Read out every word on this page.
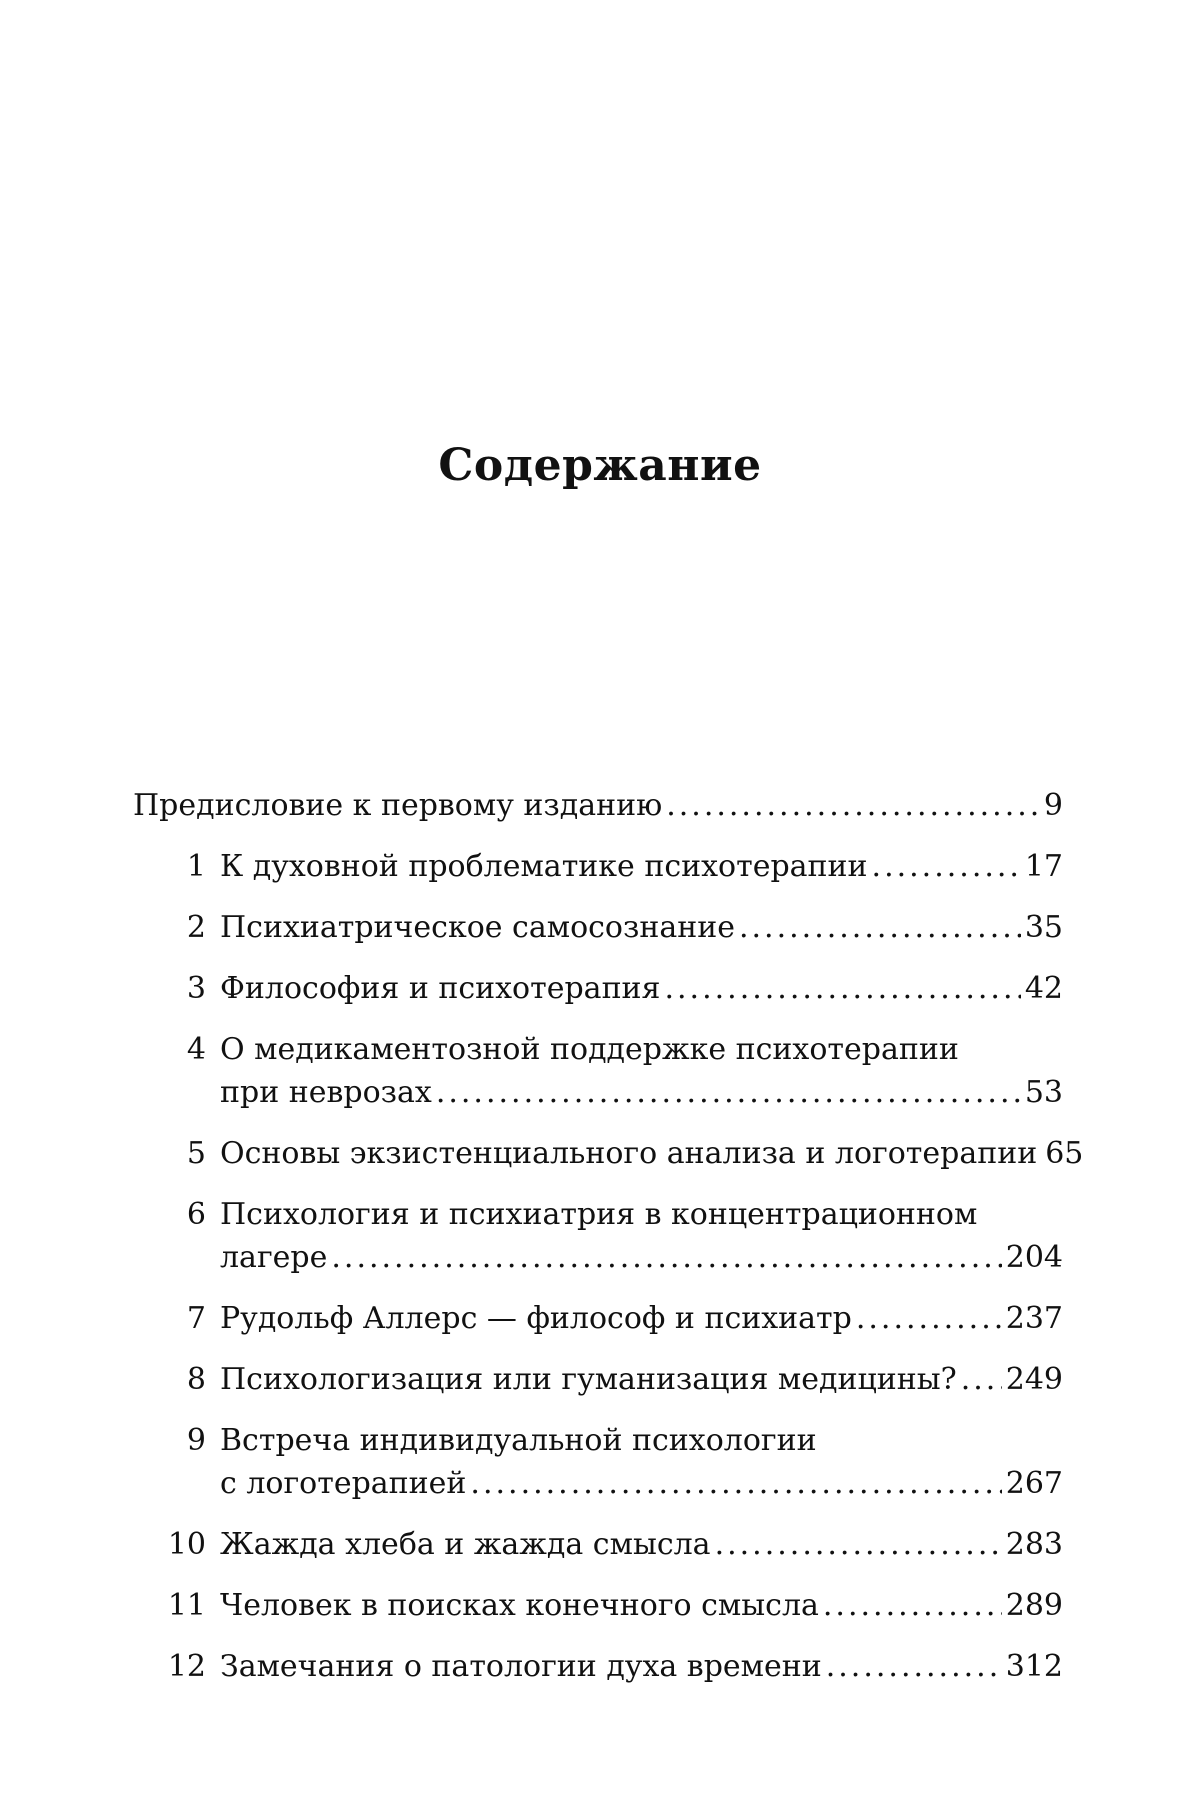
Содержание
Предисловие к первому изданию .....	9
1 К духовной проблематике психотерапии .....	17
2 Психиатрическое самосознание .....	35
3 Философия и психотерапия .....	42
4 О медикаментозной поддержке психотерапии
при неврозах .....	53
5 Основы экзистенциального анализа и логотерапии 65
6 Психология и психиатрия в концентрационном
лагере .....	204
7 Рудольф Аллерс — философ и психиатр .....	237
8 Психологизация или гуманизация медицины? ..... 249
9 Встреча индивидуальной психологии
с логотерапией .....	267
10 Жажда хлеба и жажда смысла .....	283
11 Человек в поисках конечного смысла .....	289
12 Замечания о патологии духа времени .....	312
